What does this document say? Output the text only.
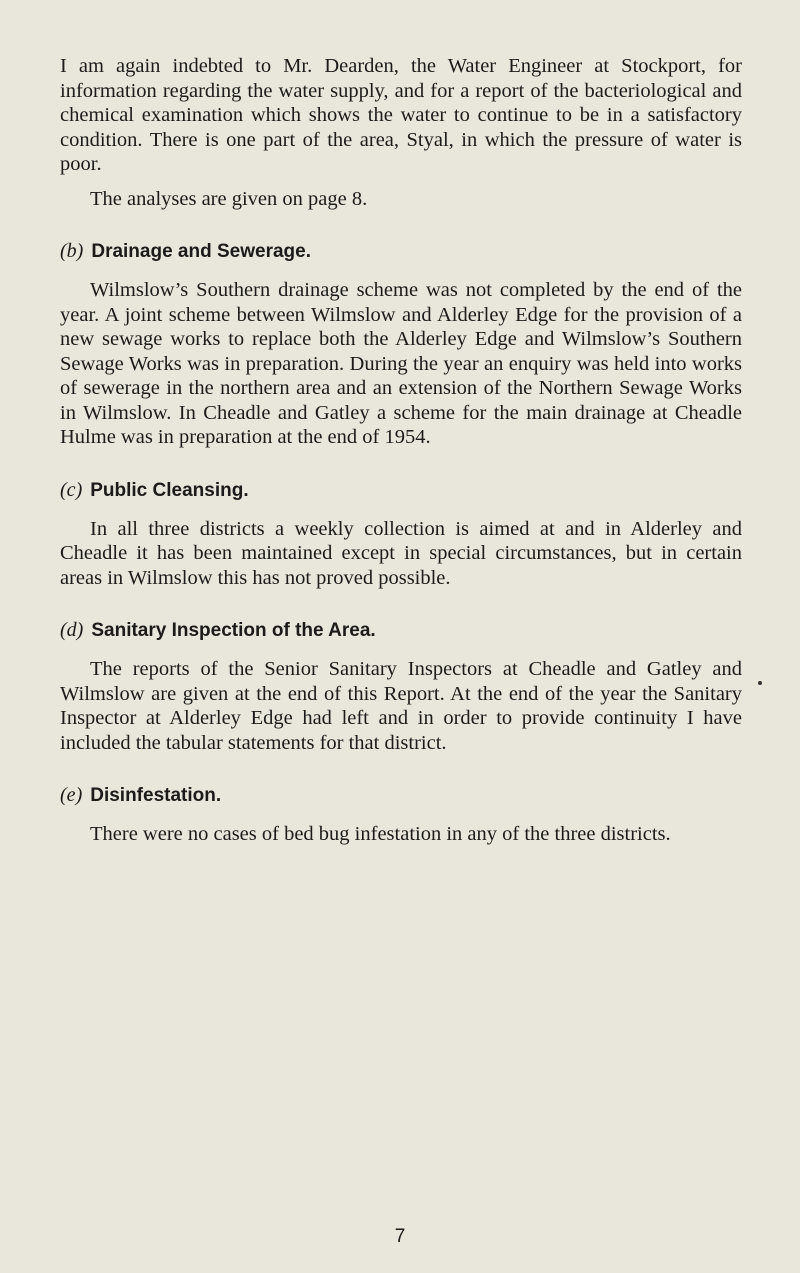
I am again indebted to Mr. Dearden, the Water Engineer at Stockport, for information regarding the water supply, and for a report of the bacteriological and chemical examination which shows the water to continue to be in a satisfactory condition. There is one part of the area, Styal, in which the pressure of water is poor.

The analyses are given on page 8.

(b) Drainage and Sewerage.

Wilmslow’s Southern drainage scheme was not completed by the end of the year. A joint scheme between Wilmslow and Alderley Edge for the provision of a new sewage works to replace both the Alderley Edge and Wilmslow’s Southern Sewage Works was in preparation. During the year an enquiry was held into works of sewerage in the northern area and an extension of the Northern Sewage Works in Wilmslow. In Cheadle and Gatley a scheme for the main drainage at Cheadle Hulme was in preparation at the end of 1954.

(c) Public Cleansing.

In all three districts a weekly collection is aimed at and in Alderley and Cheadle it has been maintained except in special circumstances, but in certain areas in Wilmslow this has not proved possible.

(d) Sanitary Inspection of the Area.

The reports of the Senior Sanitary Inspectors at Cheadle and Gatley and Wilmslow are given at the end of this Report. At the end of the year the Sanitary Inspector at Alderley Edge had left and in order to provide continuity I have included the tabular statements for that district.

(e) Disinfestation.

There were no cases of bed bug infestation in any of the three districts.

7
